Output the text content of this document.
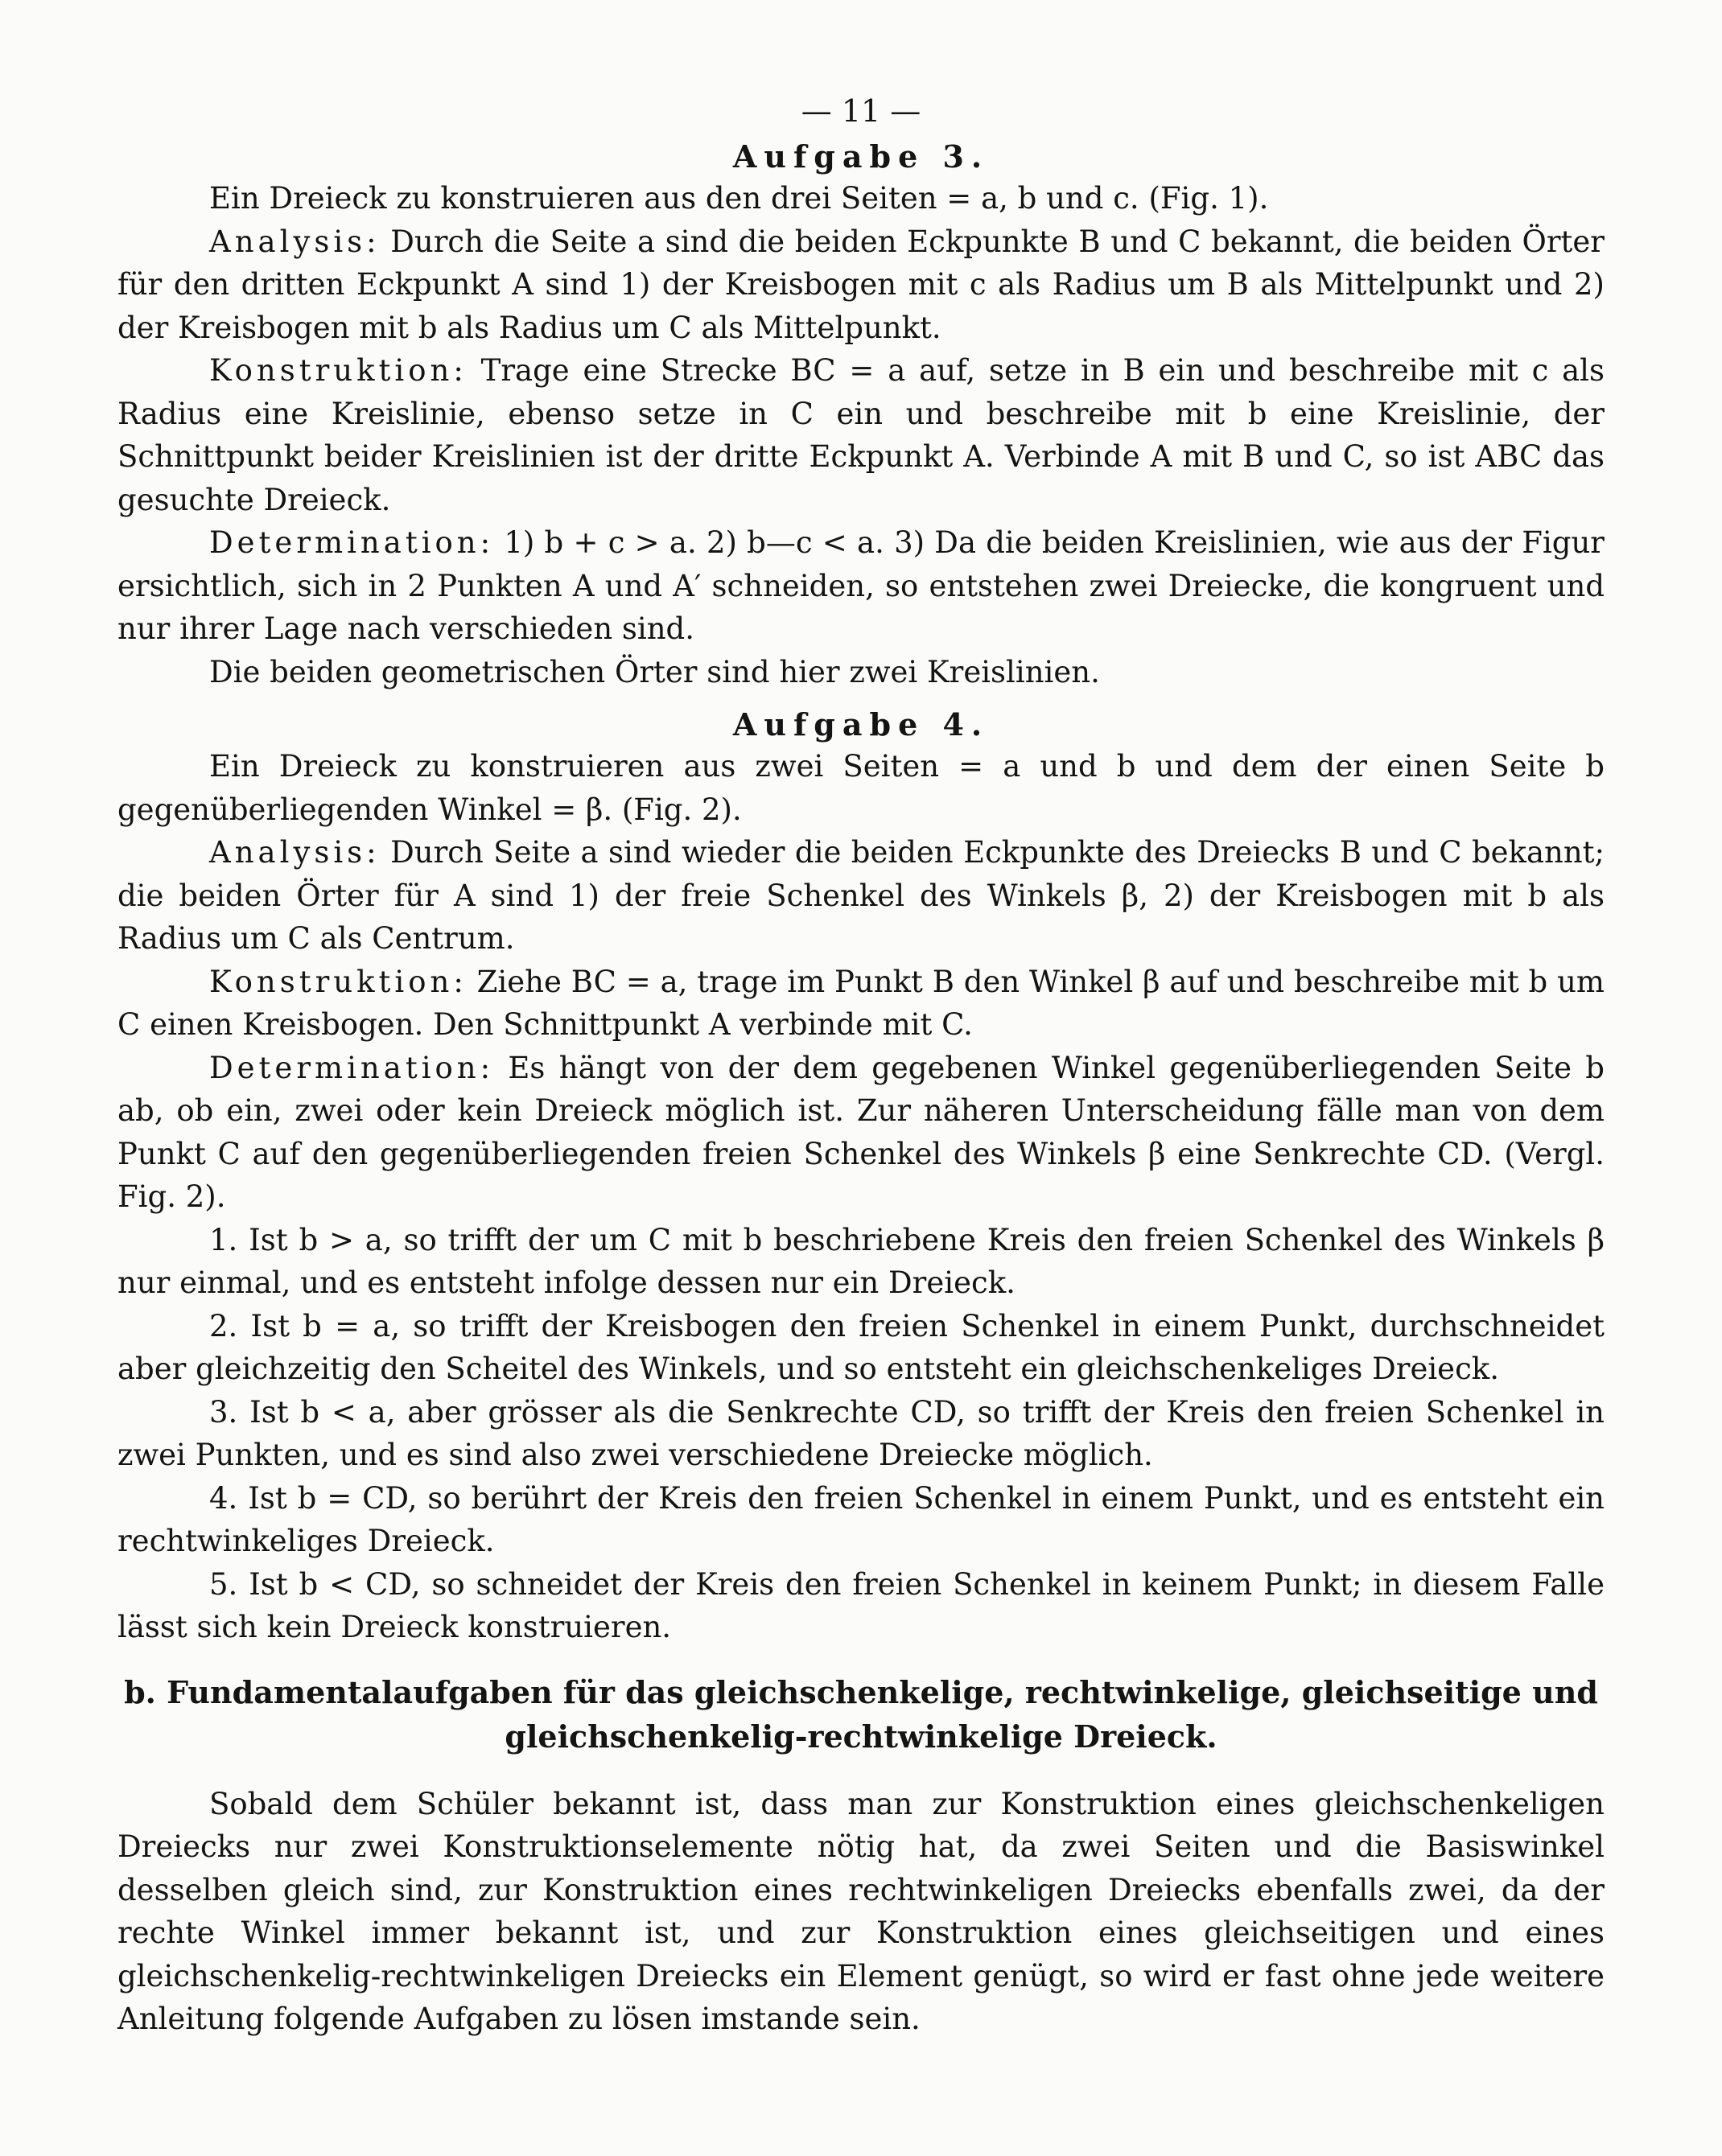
— 11 —
Aufgabe 3.

Ein Dreieck zu konstruieren aus den drei Seiten = a, b und c. (Fig. 1).

Analysis: Durch die Seite a sind die beiden Eckpunkte B und C bekannt, die beiden Örter für den dritten Eckpunkt A sind 1) der Kreisbogen mit c als Radius um B als Mittelpunkt und 2) der Kreisbogen mit b als Radius um C als Mittelpunkt.

Konstruktion: Trage eine Strecke BC = a auf, setze in B ein und beschreibe mit c als Radius eine Kreislinie, ebenso setze in C ein und beschreibe mit b eine Kreislinie, der Schnittpunkt beider Kreislinien ist der dritte Eckpunkt A. Verbinde A mit B und C, so ist ABC das gesuchte Dreieck.

Determination: 1) b + c > a. 2) b—c < a. 3) Da die beiden Kreislinien, wie aus der Figur ersichtlich, sich in 2 Punkten A und A′ schneiden, so entstehen zwei Dreiecke, die kongruent und nur ihrer Lage nach verschieden sind.

Die beiden geometrischen Örter sind hier zwei Kreislinien.

Aufgabe 4.

Ein Dreieck zu konstruieren aus zwei Seiten = a und b und dem der einen Seite b gegenüberliegenden Winkel = β. (Fig. 2).

Analysis: Durch Seite a sind wieder die beiden Eckpunkte des Dreiecks B und C bekannt; die beiden Örter für A sind 1) der freie Schenkel des Winkels β, 2) der Kreisbogen mit b als Radius um C als Centrum.

Konstruktion: Ziehe BC = a, trage im Punkt B den Winkel β auf und beschreibe mit b um C einen Kreisbogen. Den Schnittpunkt A verbinde mit C.

Determination: Es hängt von der dem gegebenen Winkel gegenüberliegenden Seite b ab, ob ein, zwei oder kein Dreieck möglich ist. Zur näheren Unterscheidung fälle man von dem Punkt C auf den gegenüberliegenden freien Schenkel des Winkels β eine Senkrechte CD. (Vergl. Fig. 2).

1. Ist b > a, so trifft der um C mit b beschriebene Kreis den freien Schenkel des Winkels β nur einmal, und es entsteht infolge dessen nur ein Dreieck.

2. Ist b = a, so trifft der Kreisbogen den freien Schenkel in einem Punkt, durchschneidet aber gleichzeitig den Scheitel des Winkels, und so entsteht ein gleichschenkeliges Dreieck.

3. Ist b < a, aber grösser als die Senkrechte CD, so trifft der Kreis den freien Schenkel in zwei Punkten, und es sind also zwei verschiedene Dreiecke möglich.

4. Ist b = CD, so berührt der Kreis den freien Schenkel in einem Punkt, und es entsteht ein rechtwinkeliges Dreieck.

5. Ist b < CD, so schneidet der Kreis den freien Schenkel in keinem Punkt; in diesem Falle lässt sich kein Dreieck konstruieren.

b. Fundamentalaufgaben für das gleichschenkelige, rechtwinkelige, gleichseitige und
gleichschenkelig-rechtwinkelige Dreieck.

Sobald dem Schüler bekannt ist, dass man zur Konstruktion eines gleichschenkeligen Dreiecks nur zwei Konstruktionselemente nötig hat, da zwei Seiten und die Basiswinkel desselben gleich sind, zur Konstruktion eines rechtwinkeligen Dreiecks ebenfalls zwei, da der rechte Winkel immer bekannt ist, und zur Konstruktion eines gleichseitigen und eines gleichschenkelig-rechtwinkeligen Dreiecks ein Element genügt, so wird er fast ohne jede weitere Anleitung folgende Aufgaben zu lösen imstande sein.
